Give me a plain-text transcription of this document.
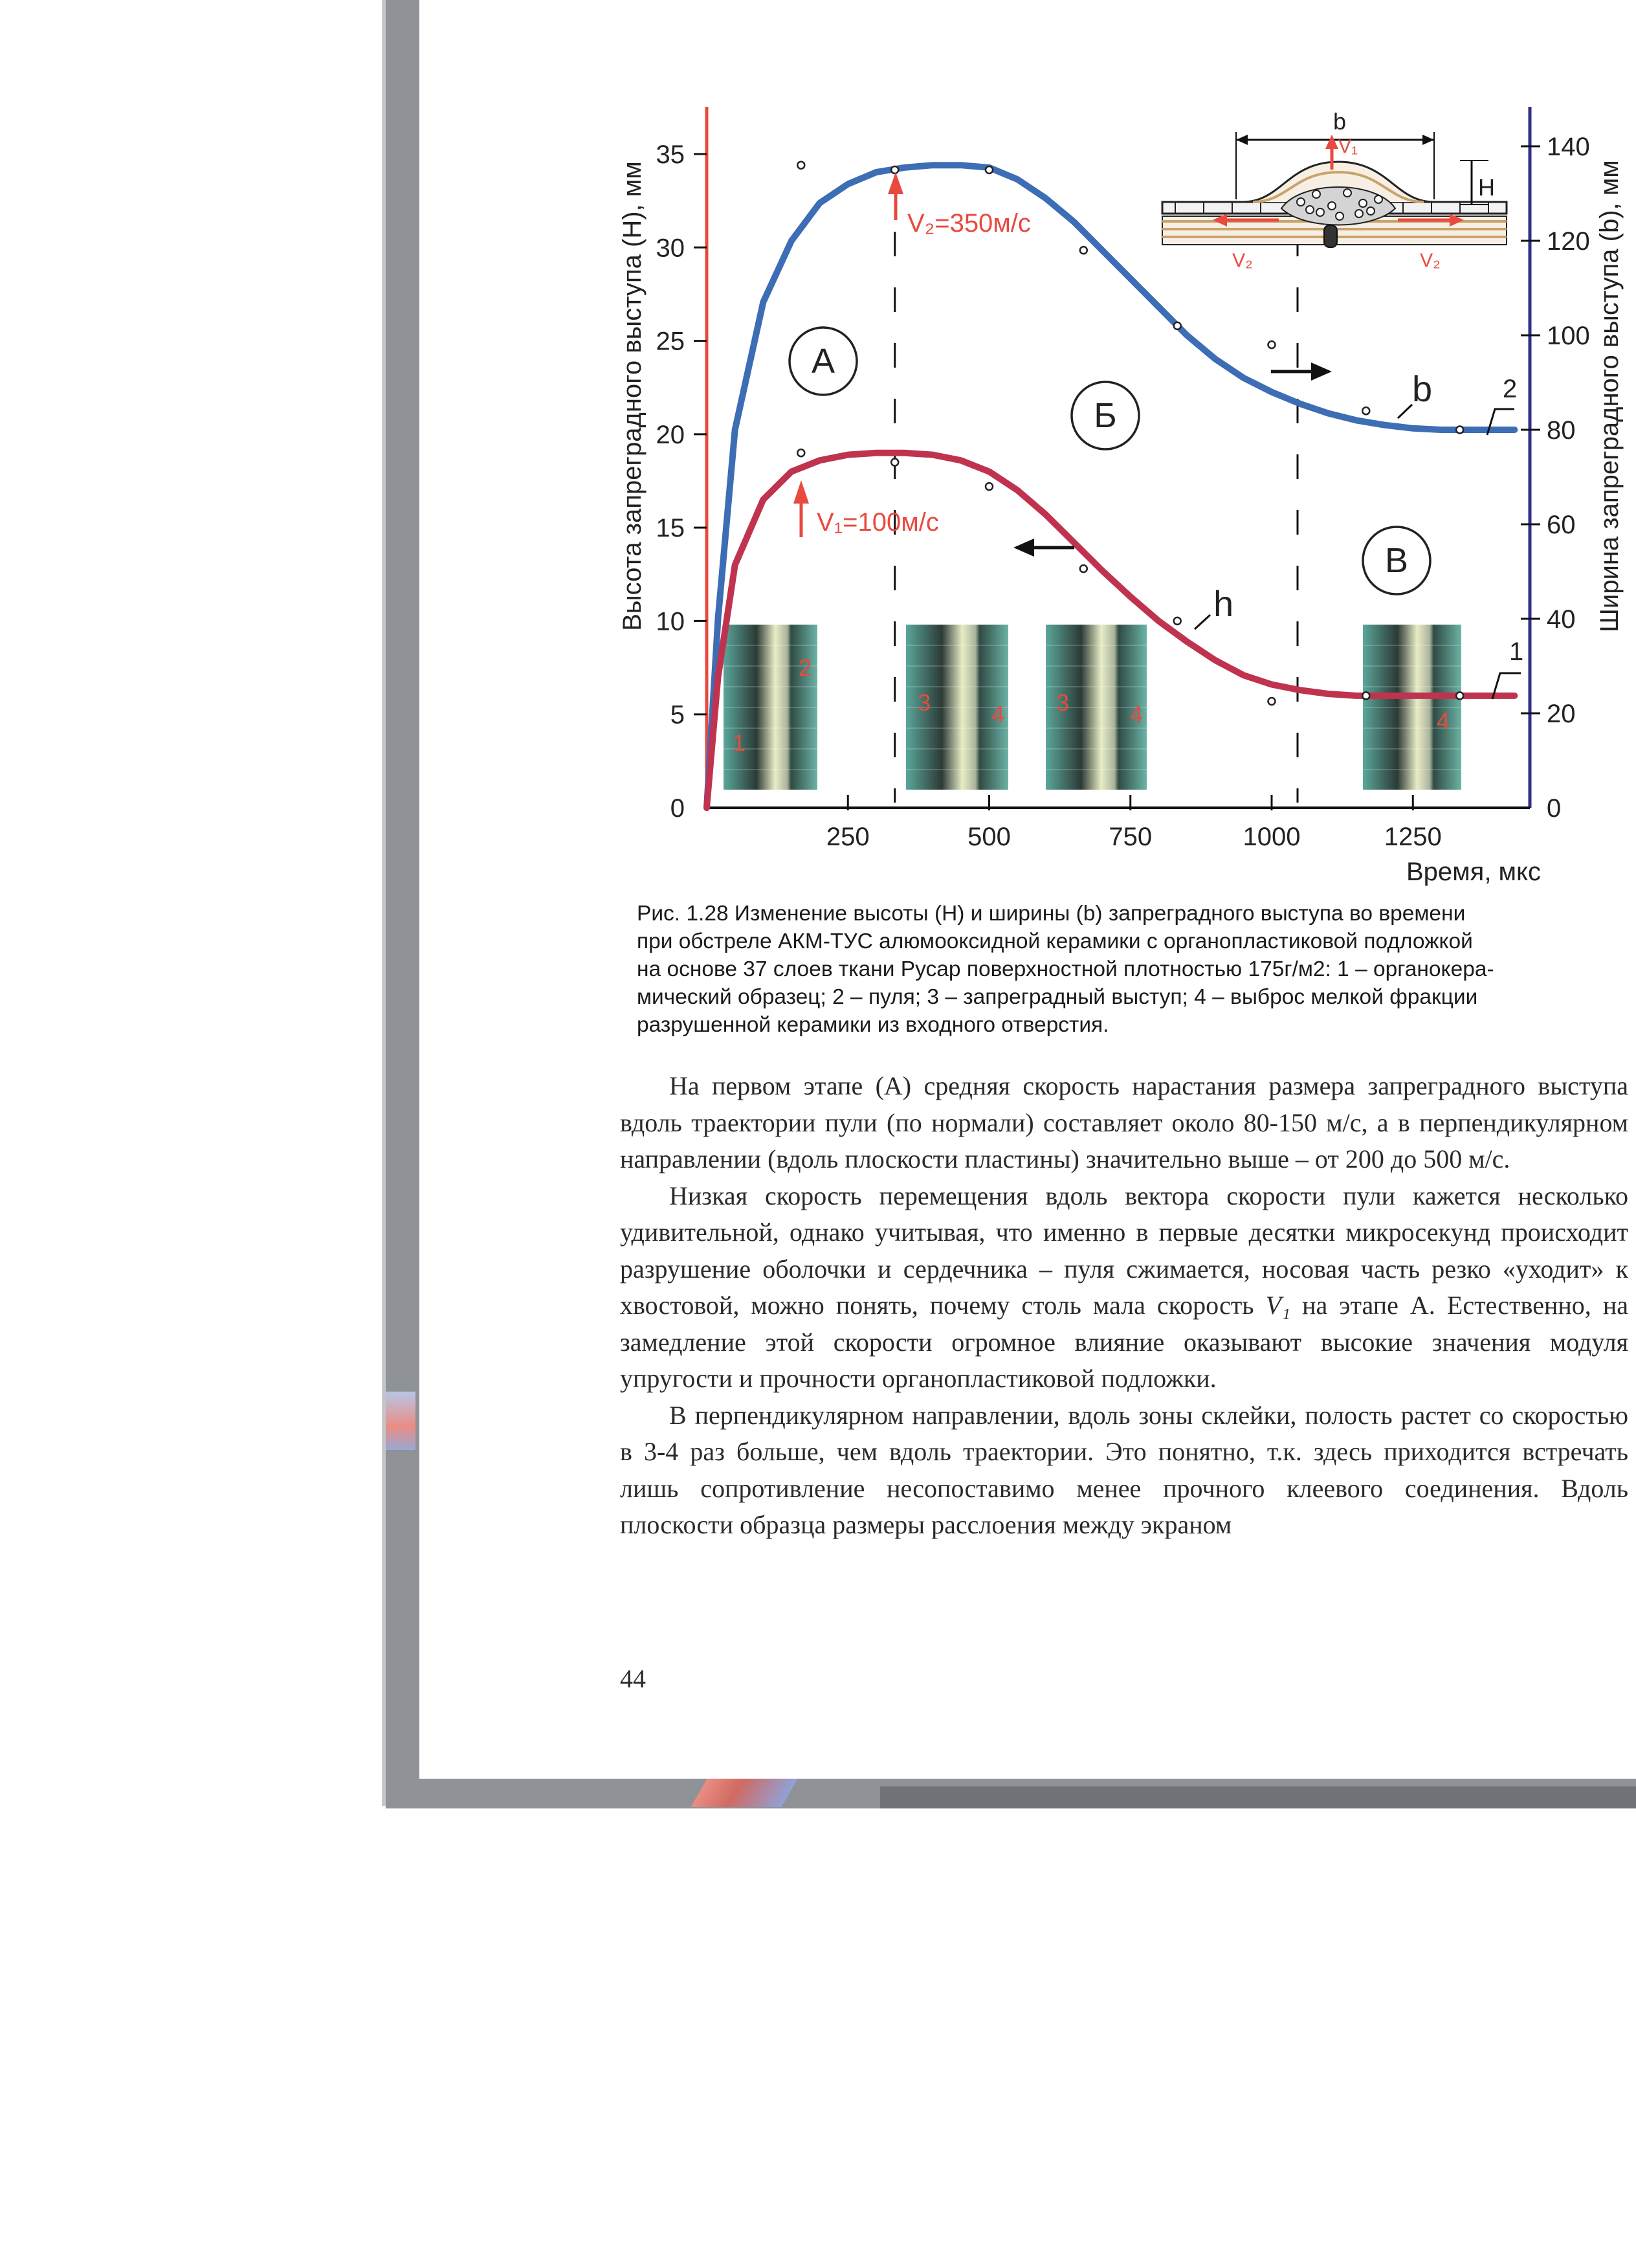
1
2
3	4 3	4	4
250	500	750	1000	1250
0
5
10
15
20
25
30
35
0
20
40
60
80
100
120
140
Время, мкс
Высота запреградного выступа (Н), мм	Ширина запреградного выступа (b), мм
V₂=350м/с
V₁=100м/с
А
Б
В
b
h
2
1
b
H
V₁
V₂	V₂
Рис. 1.28 Изменение высоты (H) и ширины (b) запреградного выступа во времени
при обстреле АКМ-ТУС алюмооксидной керамики с органопластиковой подложкой
на основе 37 слоев ткани Русар поверхностной плотностью 175г/м2: 1 – органокера-
мический образец; 2 – пуля; 3 – запреградный выступ; 4 – выброс мелкой фракции
разрушенной керамики из входного отверстия.

На первом этапе (А) средняя скорость нарастания размера запреградного выступа вдоль траектории пули (по нормали) составляет около 80-150 м/с, а в перпендикулярном направлении (вдоль плоскости пластины) значительно выше – от 200 до 500 м/с.

Низкая скорость перемещения вдоль вектора скорости пули кажется несколько удивительной, однако учитывая, что именно в первые десятки микросекунд происходит разрушение оболочки и сердечника – пуля сжимается, носовая часть резко «уходит» к хвостовой, можно понять, почему столь мала скорость V₁ на этапе А. Естественно, на замедление этой скорости огромное влияние оказывают высокие значения модуля упругости и прочности органопластиковой подложки.

В перпендикулярном направлении, вдоль зоны склейки, полость растет со скоростью в 3-4 раз больше, чем вдоль траектории. Это понятно, т.к. здесь приходится встречать лишь сопротивление несопоставимо менее прочного клеевого соединения. Вдоль плоскости образца размеры расслоения между экраном

44
